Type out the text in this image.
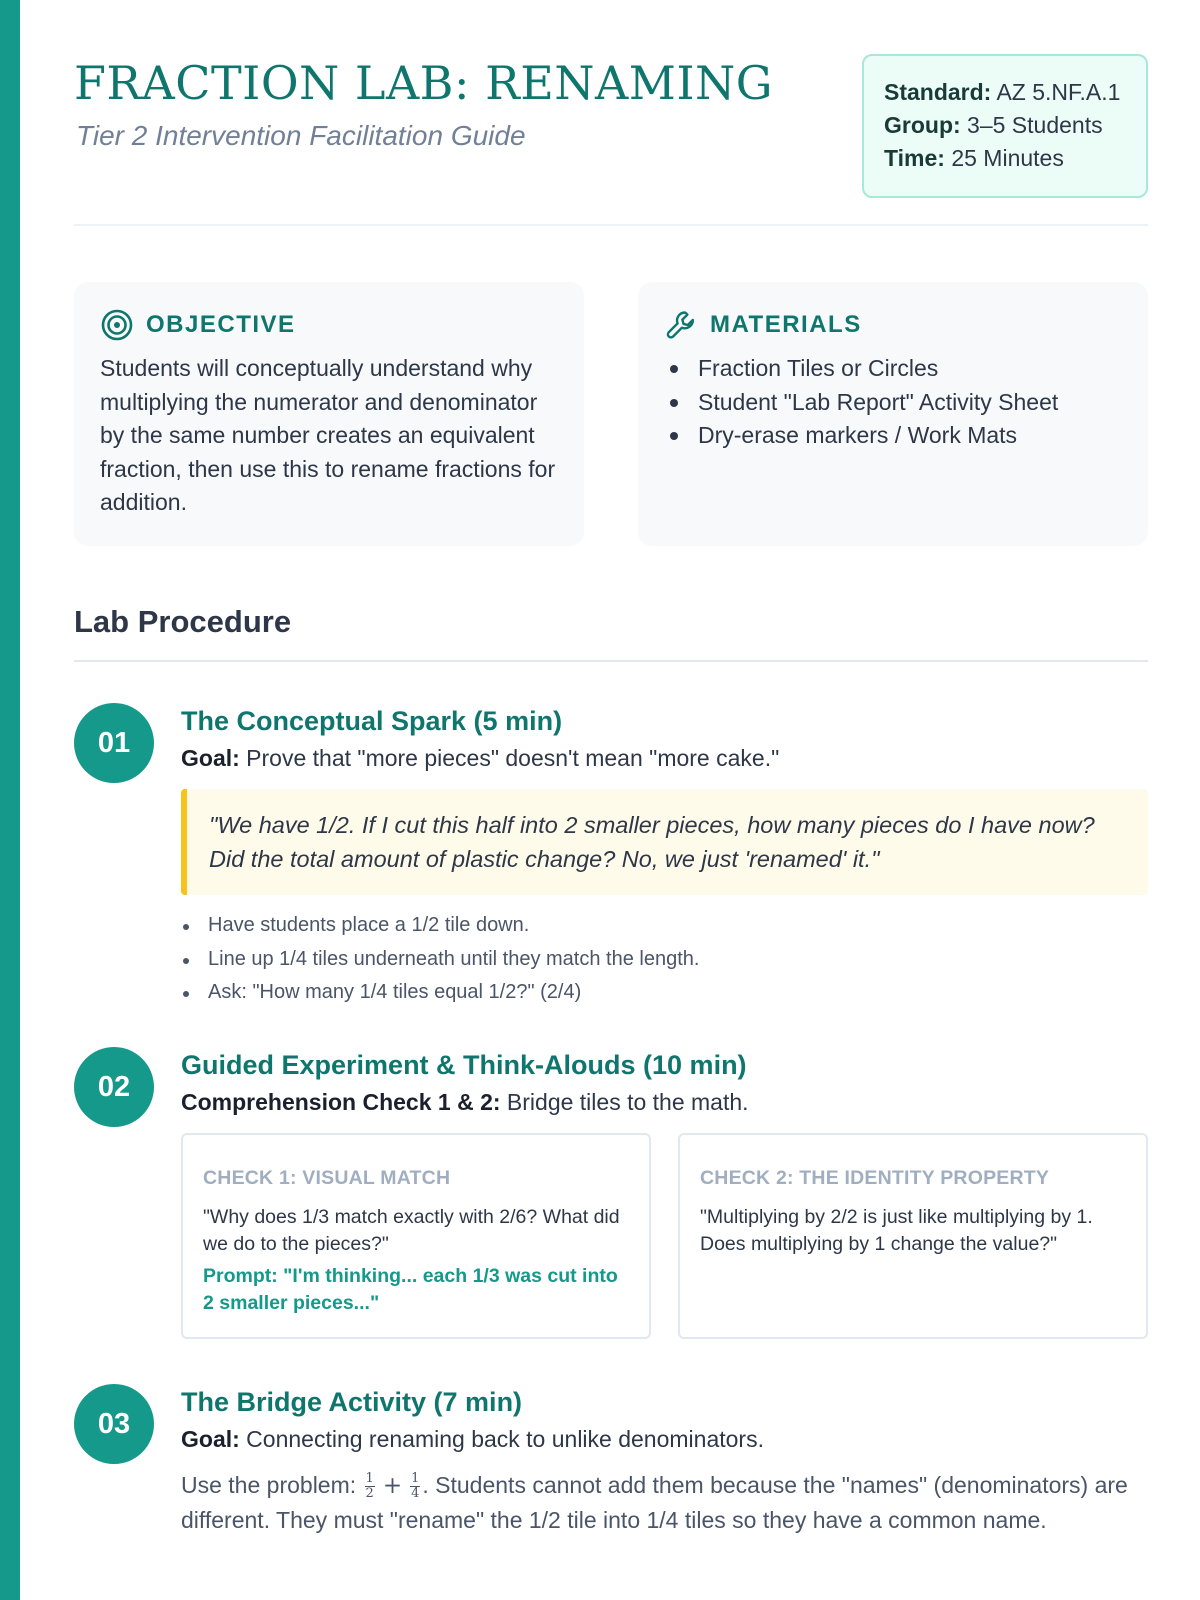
FRACTION LAB: RENAMING
Tier 2 Intervention Facilitation Guide
Standard: AZ 5.NF.A.1
Group: 3–5 Students
Time: 25 Minutes
OBJECTIVE
Students will conceptually understand why multiplying the numerator and denominator by the same number creates an equivalent fraction, then use this to rename fractions for addition.
MATERIALS
Fraction Tiles or Circles
Student "Lab Report" Activity Sheet
Dry-erase markers / Work Mats
Lab Procedure
01
The Conceptual Spark (5 min)
Goal: Prove that "more pieces" doesn't mean "more cake."
"We have 1/2. If I cut this half into 2 smaller pieces, how many pieces do I have now? Did the total amount of plastic change? No, we just 'renamed' it."
Have students place a 1/2 tile down.
Line up 1/4 tiles underneath until they match the length.
Ask: "How many 1/4 tiles equal 1/2?" (2/4)
02
Guided Experiment & Think-Alouds (10 min)
Comprehension Check 1 & 2: Bridge tiles to the math.
CHECK 1: VISUAL MATCH
"Why does 1/3 match exactly with 2/6? What did we do to the pieces?"
Prompt: "I'm thinking... each 1/3 was cut into 2 smaller pieces..."
CHECK 2: THE IDENTITY PROPERTY
"Multiplying by 2/2 is just like multiplying by 1. Does multiplying by 1 change the value?"
03
The Bridge Activity (7 min)
Goal: Connecting renaming back to unlike denominators.
Use the problem: $\frac{1}{2} + \frac{1}{4}$ . Students cannot add them because the "names" (denominators) are different. They must "rename" the 1/2 tile into 1/4 tiles so they have a common name.
